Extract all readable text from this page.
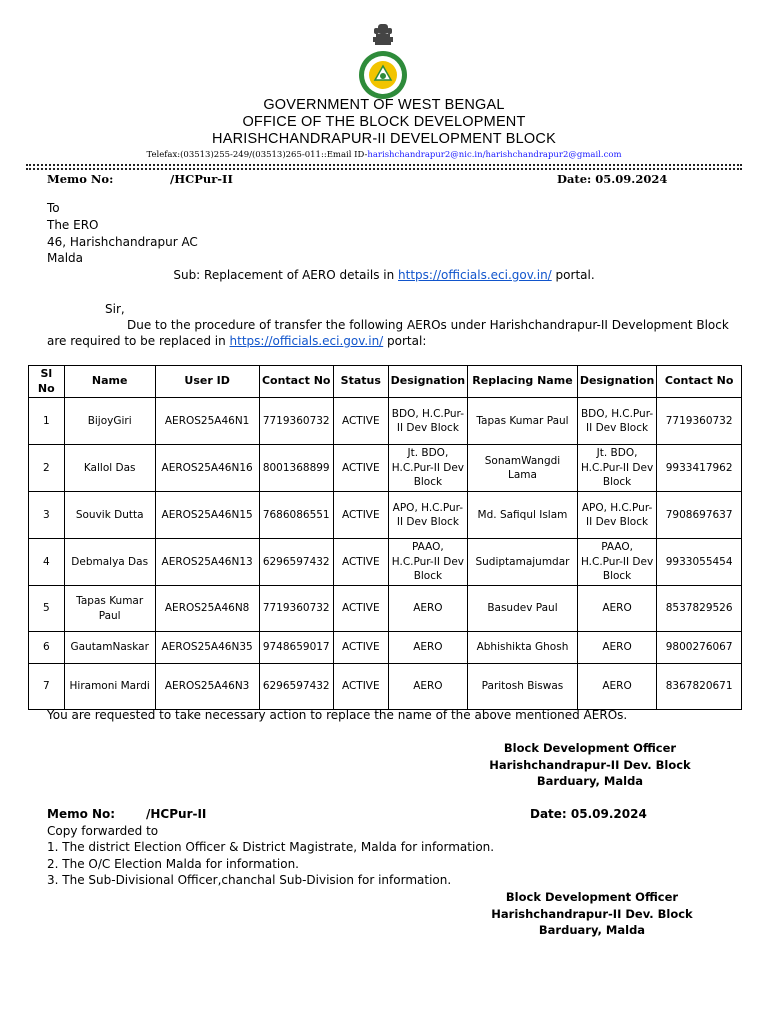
GOVERNMENT OF WEST BENGAL
OFFICE OF THE BLOCK DEVELOPMENT
HARISHCHANDRAPUR-II DEVELOPMENT BLOCK
Telefax:(03513)255-249/(03513)265-011::Email ID-harishchandrapur2@nic.in/harishchandrapur2@gmail.com
Memo No:	/HCPur-II	Date: 05.09.2024
To
The ERO
46, Harishchandrapur AC
Malda
Sub: Replacement of AERO details in https://officials.eci.gov.in/ portal.
Sir,
Due to the procedure of transfer the following AEROs under Harishchandrapur-II Development Block
are required to be replaced in https://officials.eci.gov.in/ portal:
Sl No	Name	User ID	Contact No	Status	Designation	Replacing Name	Designation	Contact No
1	BijoyGiri	AEROS25A46N1	7719360732	ACTIVE	BDO, H.C.Pur-II Dev Block	Tapas Kumar Paul	BDO, H.C.Pur-II Dev Block	7719360732
2	Kallol Das	AEROS25A46N16	8001368899	ACTIVE	Jt. BDO, H.C.Pur-II Dev Block	SonamWangdi Lama	Jt. BDO, H.C.Pur-II Dev Block	9933417962
3	Souvik Dutta	AEROS25A46N15	7686086551	ACTIVE	APO, H.C.Pur-II Dev Block	Md. Safiqul Islam	APO, H.C.Pur-II Dev Block	7908697637
4	Debmalya Das	AEROS25A46N13	6296597432	ACTIVE	PAAO, H.C.Pur-II Dev Block	Sudiptamajumdar	PAAO, H.C.Pur-II Dev Block	9933055454
5	Tapas Kumar Paul	AEROS25A46N8	7719360732	ACTIVE	AERO	Basudev Paul	AERO	8537829526
6	GautamNaskar	AEROS25A46N35	9748659017	ACTIVE	AERO	Abhishikta Ghosh	AERO	9800276067
7	Hiramoni Mardi	AEROS25A46N3	6296597432	ACTIVE	AERO	Paritosh Biswas	AERO	8367820671
You are requested to take necessary action to replace the name of the above mentioned AEROs.
Block Development Officer
Harishchandrapur-II Dev. Block
Barduary, Malda
Memo No:	/HCPur-II	Date: 05.09.2024
Copy forwarded to
1. The district Election Officer & District Magistrate, Malda for information.
2. The O/C Election Malda for information.
3. The Sub-Divisional Officer,chanchal Sub-Division for information.
Block Development Officer
Harishchandrapur-II Dev. Block
Barduary, Malda
